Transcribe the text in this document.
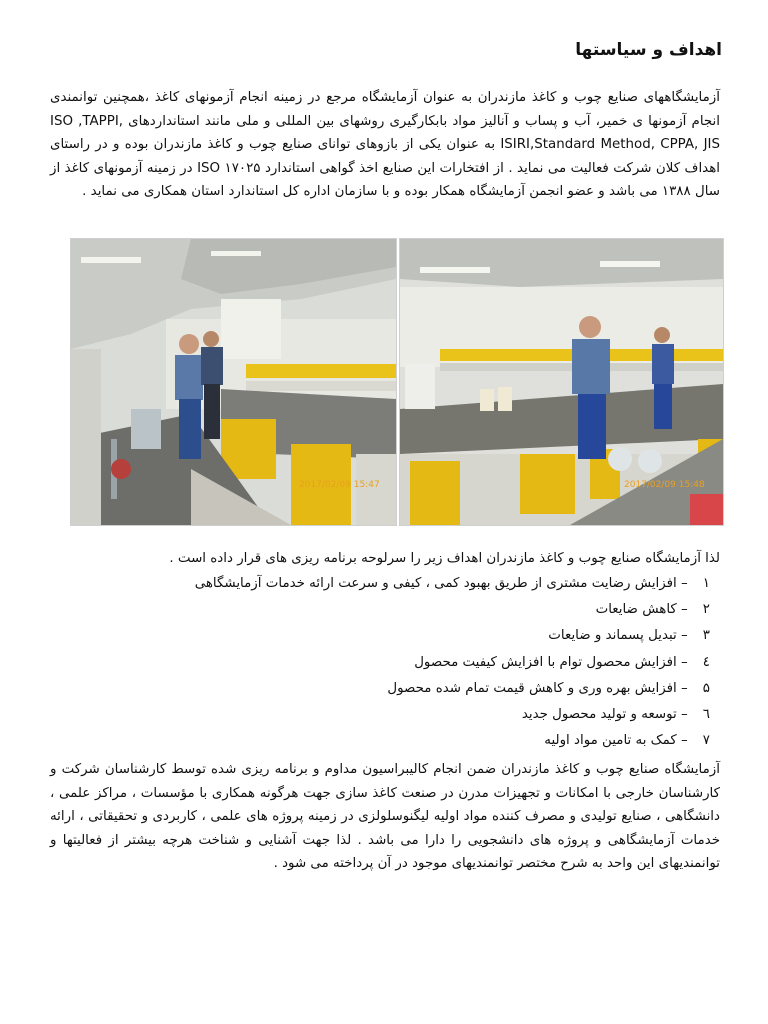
اهداف و سیاستها

آزمایشگاههای صنایع چوب و کاغذ مازندران به عنوان آزمایشگاه مرجع در زمینه انجام آزمونهای کاغذ ،همچنین توانمندی انجام آزمونها ی خمیر، آب و پساب و آنالیز مواد بابکارگیری روشهای بین المللی و ملی مانند استانداردهای ISO ,TAPPI, ISIRI,Standard Method, CPPA, JIS به عنوان یکی از بازوهای توانای صنایع چوب و کاغذ مازندران بوده و در راستای اهداف کلان شرکت فعالیت می نماید . از افتخارات این صنایع اخذ گواهی استاندارد ISO ۱۷۰۲۵ در زمینه آزمونهای کاغذ از سال ۱۳۸۸ می باشد و عضو انجمن آزمایشگاه همکار بوده و با سازمان اداره کل استاندارد استان همکاری می نماید .

2017/02/09 15:47	2017/02/09 15:48

لذا آزمایشگاه صنایع چوب و کاغذ مازندران اهداف زیر را سرلوحه برنامه ریزی های قرار داده است .

۱ – افزایش رضایت مشتری از طریق بهبود کمی ، کیفی و سرعت ارائه خدمات آزمایشگاهی
۲ – کاهش ضایعات
۳ – تبدیل پسماند و ضایعات
٤ – افزایش محصول توام با افزایش کیفیت محصول
۵ – افزایش بهره وری و کاهش قیمت تمام شده محصول
٦ – توسعه و تولید محصول جدید
۷ – کمک به تامین مواد اولیه

آزمایشگاه صنایع چوب و کاغذ مازندران ضمن انجام کالیبراسیون مداوم و برنامه ریزی شده توسط کارشناسان شرکت و کارشناسان خارجی با امکانات و تجهیزات مدرن در صنعت کاغذ سازی جهت هرگونه همکاری با مؤسسات ، مراکز علمی ، دانشگاهی ، صنایع تولیدی و مصرف کننده مواد اولیه لیگنوسلولزی در زمینه پروژه های علمی ، کاربردی و تحقیقاتی ، ارائه خدمات آزمایشگاهی و پروژه های دانشجویی را دارا می باشد . لذا جهت آشنایی و شناخت هرچه بیشتر از فعالیتها و توانمندیهای این واحد به شرح مختصر توانمندیهای موجود در آن پرداخته می شود .
